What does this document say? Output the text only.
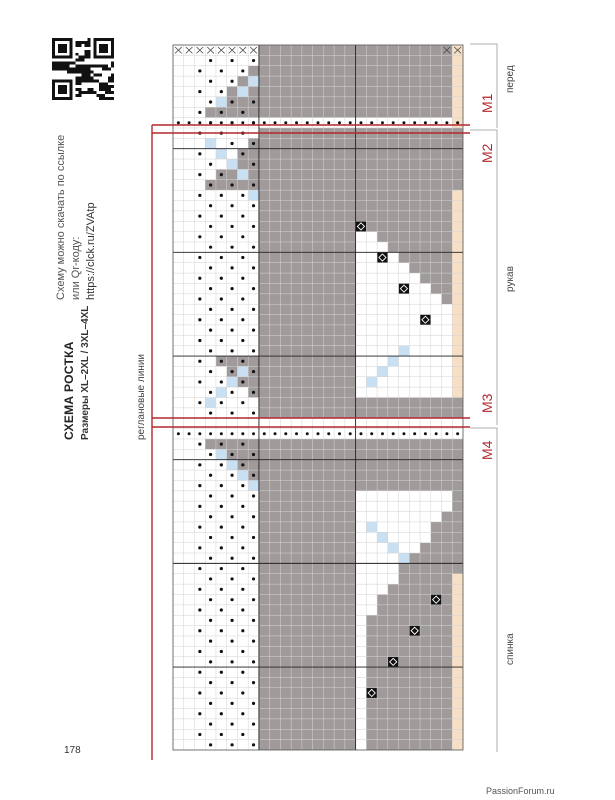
Схему можно скачать по ссылке или Qr-коду: https://clck.ru/ZVAtp
СХЕМА РОСТКА Размеры XL–2XL / 3XL–4XL	реглановые линии
M1
M2
M3
M4
перед
рукав
спинка
178
PassionForum.ru
